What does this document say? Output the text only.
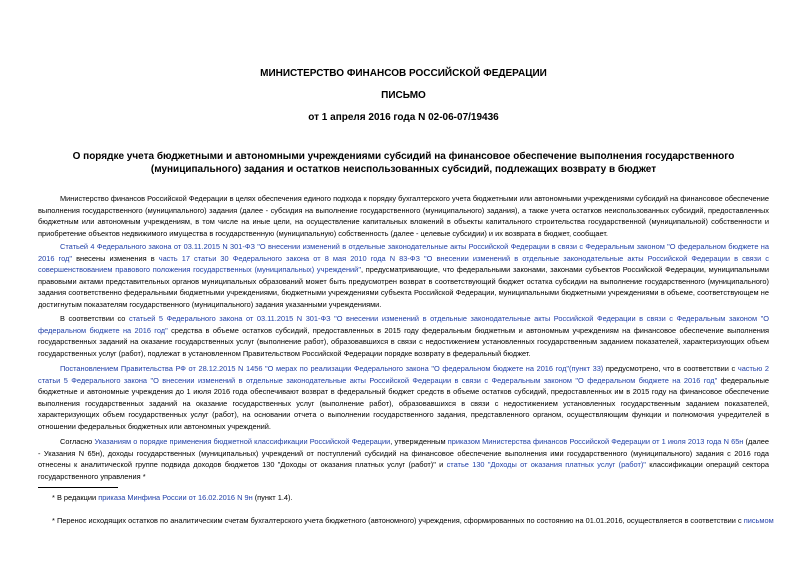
МИНИСТЕРСТВО ФИНАНСОВ РОССИЙСКОЙ ФЕДЕРАЦИИ
ПИСЬМО
от 1 апреля 2016 года N 02-06-07/19436
О порядке учета бюджетными и автономными учреждениями субсидий на финансовое обеспечение выполнения государственного (муниципального) задания и остатков неиспользованных субсидий, подлежащих возврату в бюджет

Министерство финансов Российской Федерации в целях обеспечения единого подхода к порядку бухгалтерского учета бюджетными или автономными учреждениями субсидий на финансовое обеспечение выполнения государственного (муниципального) задания (далее - субсидия на выполнение государственного (муниципального) задания), а также учета остатков неиспользованных субсидий, предоставленных бюджетным или автономным учреждениям, в том числе на иные цели, на осуществление капитальных вложений в объекты капитального строительства государственной (муниципальной) собственности и приобретение объектов недвижимого имущества в государственную (муниципальную) собственность (далее - целевые субсидии) и их возврата в бюджет, сообщает.

Статьей 4 Федерального закона от 03.11.2015 N 301-ФЗ "О внесении изменений в отдельные законодательные акты Российской Федерации в связи с Федеральным законом "О федеральном бюджете на 2016 год" внесены изменения в часть 17 статьи 30 Федерального закона от 8 мая 2010 года N 83-ФЗ "О внесении изменений в отдельные законодательные акты Российской Федерации в связи с совершенствованием правового положения государственных (муниципальных) учреждений", предусматривающие, что федеральными законами, законами субъектов Российской Федерации, муниципальными правовыми актами представительных органов муниципальных образований может быть предусмотрен возврат в соответствующий бюджет остатка субсидии на выполнение государственного (муниципального) задания соответственно федеральными бюджетными учреждениями, бюджетными учреждениями субъекта Российской Федерации, муниципальными бюджетными учреждениями в объеме, соответствующем не достигнутым показателям государственного (муниципального) задания указанными учреждениями.

В соответствии со статьей 5 Федерального закона от 03.11.2015 N 301-ФЗ "О внесении изменений в отдельные законодательные акты Российской Федерации в связи с Федеральным законом "О федеральном бюджете на 2016 год" средства в объеме остатков субсидий, предоставленных в 2015 году федеральным бюджетным и автономным учреждениям на финансовое обеспечение выполнения государственных заданий на оказание государственных услуг (выполнение работ), образовавшихся в связи с недостижением установленных государственным заданием показателей, характеризующих объем государственных услуг (работ), подлежат в установленном Правительством Российской Федерации порядке возврату в федеральный бюджет.

Постановлением Правительства РФ от 28.12.2015 N 1456 "О мерах по реализации Федерального закона "О федеральном бюджете на 2016 год"(пункт 33) предусмотрено, что в соответствии с частью 2 статьи 5 Федерального закона "О внесении изменений в отдельные законодательные акты Российской Федерации в связи с Федеральным законом "О федеральном бюджете на 2016 год" федеральные бюджетные и автономные учреждения до 1 июля 2016 года обеспечивают возврат в федеральный бюджет средств в объеме остатков субсидий, предоставленных им в 2015 году на финансовое обеспечение выполнения государственных заданий на оказание государственных услуг (выполнение работ), образовавшихся в связи с недостижением установленных государственным заданием показателей, характеризующих объем государственных услуг (работ), на основании отчета о выполнении государственного задания, представленного органом, осуществляющим функции и полномочия учредителей в отношении федеральных бюджетных или автономных учреждений.

Согласно Указаниям о порядке применения бюджетной классификации Российской Федерации, утвержденным приказом Министерства финансов Российской Федерации от 1 июля 2013 года N 65н (далее - Указания N 65н), доходы государственных (муниципальных) учреждений от поступлений субсидий на финансовое обеспечение выполнения ими государственного (муниципального) задания с 2016 года отнесены к аналитической группе подвида доходов бюджетов 130 "Доходы от оказания платных услуг (работ)" и статье 130 "Доходы от оказания платных услуг (работ)" классификации операций сектора государственного управления *

* В редакции приказа Минфина России от 16.02.2016 N 9н (пункт 1.4).

* Перенос исходящих остатков по аналитическим счетам бухгалтерского учета бюджетного (автономного) учреждения, сформированных по состоянию на 01.01.2016, осуществляется в соответствии с письмом
